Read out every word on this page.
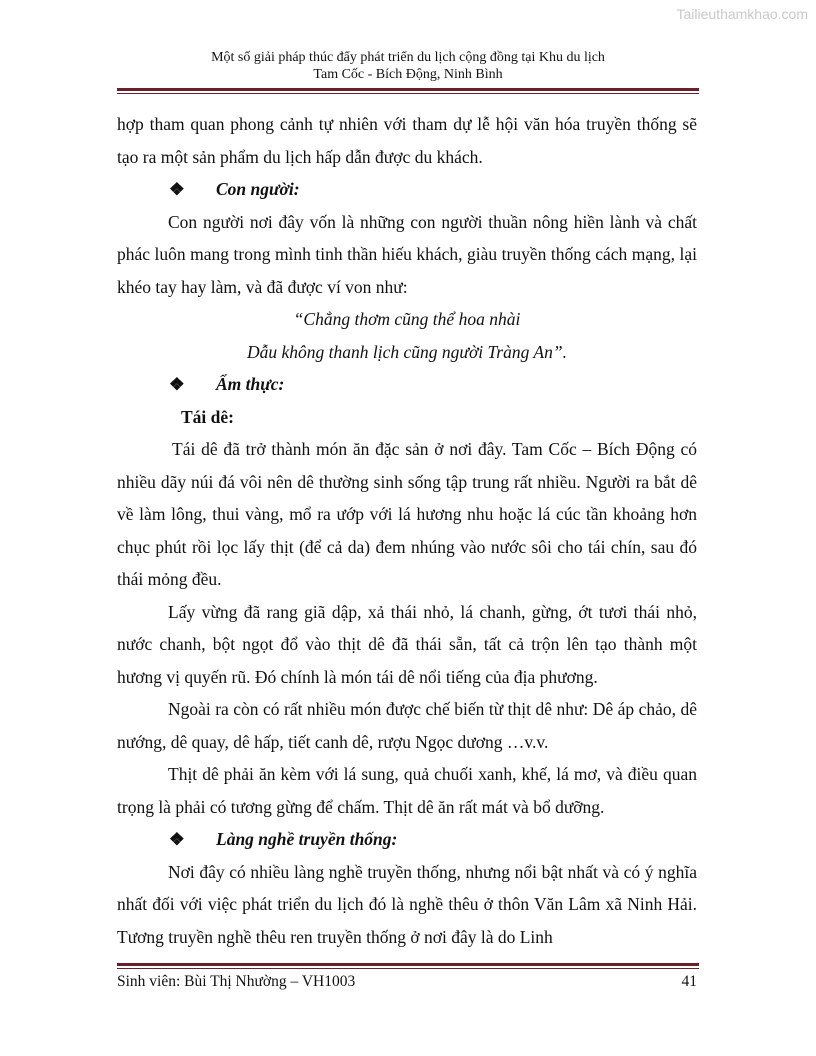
Tailieuthamkhao.com
Một số giải pháp thúc đẩy phát triển du lịch cộng đồng tại Khu du lịch
Tam Cốc - Bích Động, Ninh Bình

hợp tham quan phong cảnh tự nhiên với tham dự lễ hội văn hóa truyền thống sẽ tạo ra một sản phẩm du lịch hấp dẫn được du khách.

❖ Con người:

Con người nơi đây vốn là những con người thuần nông hiền lành và chất phác luôn mang trong mình tinh thần hiếu khách, giàu truyền thống cách mạng, lại khéo tay hay làm, và đã được ví von như:

“Chẳng thơm cũng thể hoa nhài

Dẫu không thanh lịch cũng người Tràng An”.

❖ Ẩm thực:

Tái dê:

Tái dê đã trở thành món ăn đặc sản ở nơi đây. Tam Cốc – Bích Động có nhiều dãy núi đá vôi nên dê thường sinh sống tập trung rất nhiều. Người ra bắt dê về làm lông, thui vàng, mổ ra ướp với lá hương nhu hoặc lá cúc tần khoảng hơn chục phút rồi lọc lấy thịt (để cả da) đem nhúng vào nước sôi cho tái chín, sau đó thái mỏng đều.

Lấy vừng đã rang giã dập, xả thái nhỏ, lá chanh, gừng, ớt tươi thái nhỏ, nước chanh, bột ngọt đổ vào thịt dê đã thái sẵn, tất cả trộn lên tạo thành một hương vị quyến rũ. Đó chính là món tái dê nổi tiếng của địa phương.

Ngoài ra còn có rất nhiều món được chế biến từ thịt dê như: Dê áp chảo, dê nướng, dê quay, dê hấp, tiết canh dê, rượu Ngọc dương …v.v.

Thịt dê phải ăn kèm với lá sung, quả chuối xanh, khế, lá mơ, và điều quan trọng là phải có tương gừng để chấm. Thịt dê ăn rất mát và bổ dưỡng.

❖ Làng nghề truyền thống:

Nơi đây có nhiều làng nghề truyền thống, nhưng nổi bật nhất và có ý nghĩa nhất đối với việc phát triển du lịch đó là nghề thêu ở thôn Văn Lâm xã Ninh Hải. Tương truyền nghề thêu ren truyền thống ở nơi đây là do Linh

Sinh viên: Bùi Thị Nhường – VH1003	41
